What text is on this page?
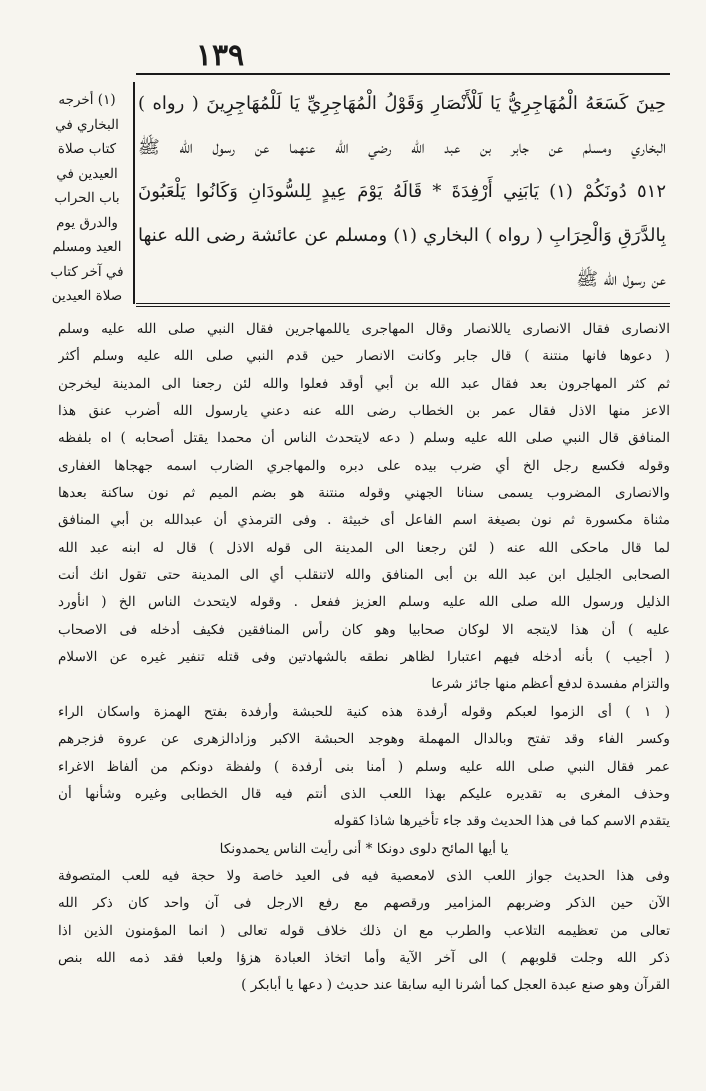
١٣٩
(١) أخرجه
البخاري في
كتاب صلاة
العيدين في
باب الحراب
والدرق يوم
العيد ومسلم
في آخر كتاب
صلاة العيدين
حِينَ كَسَعَهُ الْمُهَاجِرِيُّ يَا لَلْأَنْصَارِ وَقَوْلُ الْمُهَاجِرِيِّ يَا لَلْمُهَاجِرِينَ ( رواه )
البخاري ومسلم عن جابر بن عبد الله رضي الله عنهما عن رسول الله ﷺ
٥١٢ دُونَكُمْ (١) يَابَنِي أَرْفِدَةَ * قَالَهُ يَوْمَ عِيدٍ لِلسُّودَانِ وَكَانُوا يَلْعَبُونَ
بِالدَّرَقِ وَالْحِرَابِ ( رواه ) البخاري (١) ومسلم عن عائشة رضى الله عنها
عن رسول الله ﷺ
الانصارى فقال الانصارى ياللانصار وقال المهاجرى ياللمهاجرين فقال النبي صلى الله عليه وسلم
( دعوها فانها منتنة ) قال جابر وكانت الانصار حين قدم النبي صلى الله عليه وسلم أكثر
ثم كثر المهاجرون بعد فقال عبد الله بن أبي أوقد فعلوا والله لئن رجعنا الى المدينة ليخرجن
الاعز منها الاذل فقال عمر بن الخطاب رضى الله عنه دعني يارسول الله أضرب عنق هذا
المنافق قال النبي صلى الله عليه وسلم ( دعه لايتحدث الناس أن محمدا يقتل أصحابه ) اه بلفظه
وقوله فكسع رجل الخ أي ضرب بيده على دبره والمهاجري الضارب اسمه جهجاها الغفارى
والانصارى المضروب يسمى سنانا الجهني وقوله منتنة هو بضم الميم ثم نون ساكنة بعدها
مثناة مكسورة ثم نون بصيغة اسم الفاعل أى خبيثة . وفى الترمذي أن عبدالله بن أبي المنافق
لما قال ماحكى الله عنه ( لئن رجعنا الى المدينة الى قوله الاذل ) قال له ابنه عبد الله
الصحابى الجليل ابن عبد الله بن أبى المنافق والله لاتنقلب أي الى المدينة حتى تقول انك أنت
الذليل ورسول الله صلى الله عليه وسلم العزيز ففعل . وقوله لايتحدث الناس الخ ( انأورد
عليه ) أن هذا لايتجه الا لوكان صحابيا وهو كان رأس المنافقين فكيف أدخله فى الاصحاب
( أجيب ) بأنه أدخله فيهم اعتبارا لظاهر نطقه بالشهادتين وفى قتله تنفير غيره عن الاسلام
والتزام مفسدة لدفع أعظم منها جائز شرعا
( ١ ) أى الزموا لعبكم وقوله أرفدة هذه كنية للحبشة وأرفدة بفتح الهمزة واسكان الراء
وكسر الفاء وقد تفتح وبالدال المهملة وهوجد الحبشة الاكبر وزادالزهرى عن عروة فزجرهم
عمر فقال النبي صلى الله عليه وسلم ( أمنا بنى أرفدة ) ولفظة دونكم من ألفاظ الاغراء
وحذف المغرى به تقديره عليكم بهذا اللعب الذى أنتم فيه قال الخطابى وغيره وشأنها أن
يتقدم الاسم كما فى هذا الحديث وقد جاء تأخيرها شاذا كقوله
يا أيها المائح دلوى دونكا * أنى رأيت الناس يحمدونكا
وفى هذا الحديث جواز اللعب الذى لامعصية فيه فى العيد خاصة ولا حجة فيه للعب المتصوفة
الآن حين الذكر وضربهم المزامير ورقصهم مع رفع الارجل فى آن واحد كان ذكر الله
تعالى من تعظيمه التلاعب والطرب مع ان ذلك خلاف قوله تعالى ( انما المؤمنون الذين اذا
ذكر الله وجلت قلوبهم ) الى آخر الآية وأما اتخاذ العبادة هزؤا ولعبا فقد ذمه الله بنص
القرآن وهو صنع عبدة العجل كما أشرنا اليه سابقا عند حديث ( دعها يا أبابكر )
